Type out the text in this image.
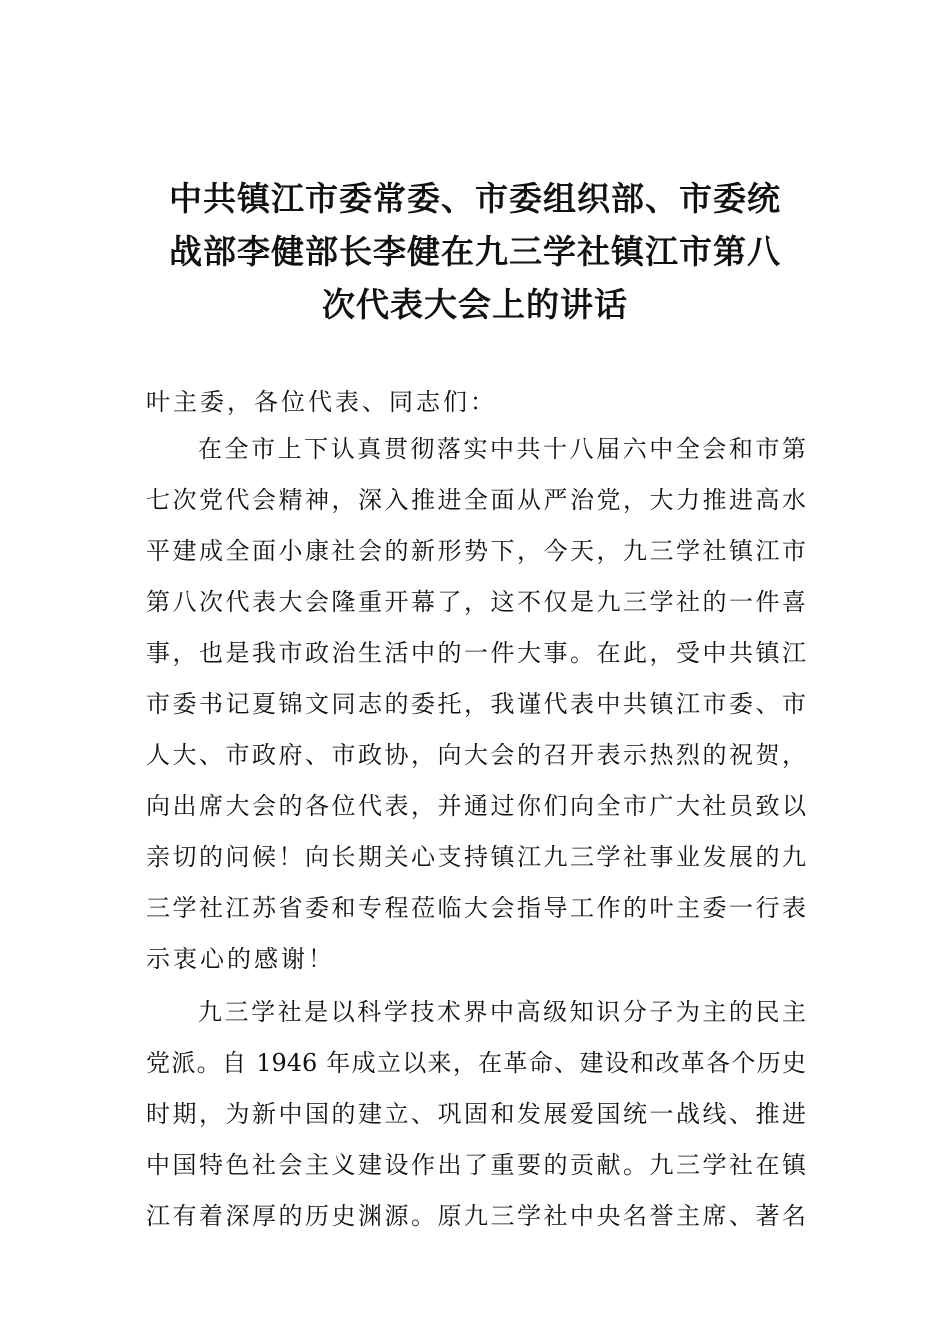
中共镇江市委常委、市委组织部、市委统
战部李健部长李健在九三学社镇江市第八
次代表大会上的讲话
叶主委，各位代表、同志们：
在全市上下认真贯彻落实中共十八届六中全会和市第
七次党代会精神，深入推进全面从严治党，大力推进高水
平建成全面小康社会的新形势下，今天，九三学社镇江市
第八次代表大会隆重开幕了，这不仅是九三学社的一件喜
事，也是我市政治生活中的一件大事。在此，受中共镇江
市委书记夏锦文同志的委托，我谨代表中共镇江市委、市
人大、市政府、市政协，向大会的召开表示热烈的祝贺，
向出席大会的各位代表，并通过你们向全市广大社员致以
亲切的问候！向长期关心支持镇江九三学社事业发展的九
三学社江苏省委和专程莅临大会指导工作的叶主委一行表
示衷心的感谢！
九三学社是以科学技术界中高级知识分子为主的民主
党派。自 1946 年成立以来，在革命、建设和改革各个历史
时期，为新中国的建立、巩固和发展爱国统一战线、推进
中国特色社会主义建设作出了重要的贡献。九三学社在镇
江有着深厚的历史渊源。原九三学社中央名誉主席、著名
